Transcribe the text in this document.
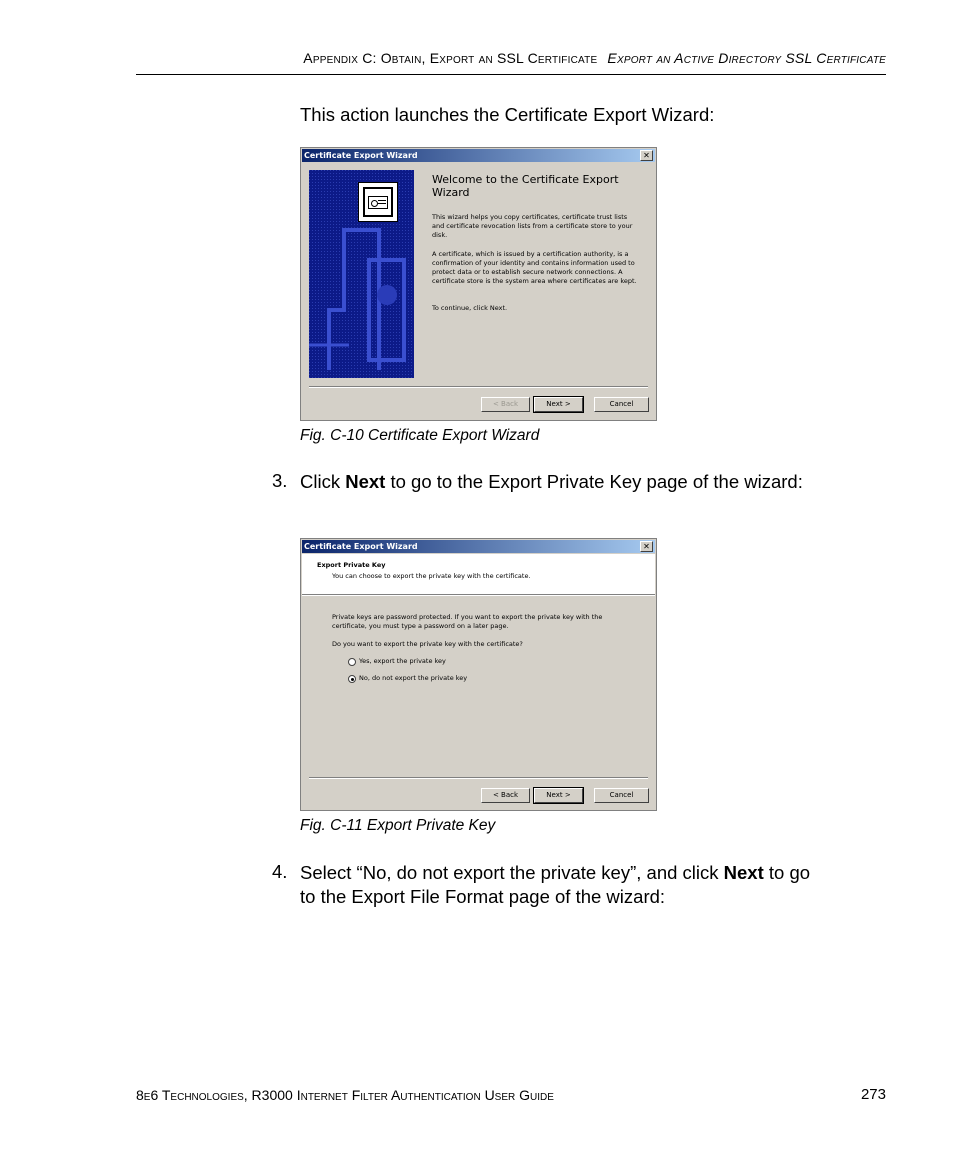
Appendix C: Obtain, Export an SSL Certificate Export an Active Directory SSL Certificate
This action launches the Certificate Export Wizard:
Certificate Export Wizard	✕
Welcome to the Certificate Export Wizard
This wizard helps you copy certificates, certificate trust lists and certificate revocation lists from a certificate store to your disk.
A certificate, which is issued by a certification authority, is a confirmation of your identity and contains information used to protect data or to establish secure network connections. A certificate store is the system area where certificates are kept.
To continue, click Next.
< Back	Next >	Cancel
Fig. C-10 Certificate Export Wizard
3. Click Next to go to the Export Private Key page of the wizard:
Certificate Export Wizard	✕
Export Private Key
You can choose to export the private key with the certificate.
Private keys are password protected. If you want to export the private key with the certificate, you must type a password on a later page.
Do you want to export the private key with the certificate?
Yes, export the private key
No, do not export the private key
< Back	Next >	Cancel
Fig. C-11 Export Private Key
4. Select “No, do not export the private key”, and click Next to go to the Export File Format page of the wizard:
8e6 Technologies, R3000 Internet Filter Authentication User Guide	273
